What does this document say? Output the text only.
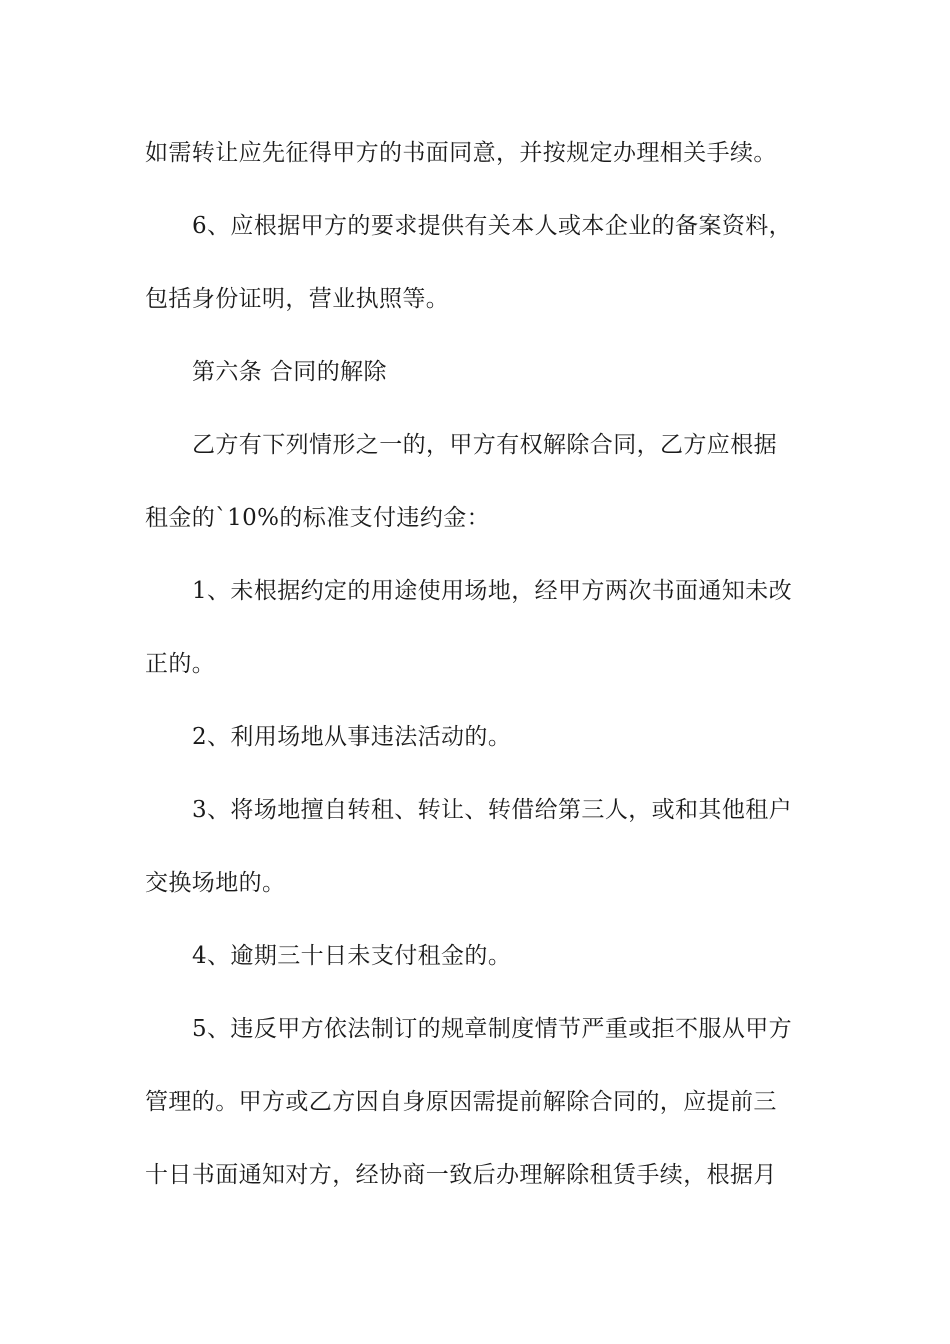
如需转让应先征得甲方的书面同意，并按规定办理相关手续。
6、应根据甲方的要求提供有关本人或本企业的备案资料，
包括身份证明，营业执照等。
第六条 合同的解除
乙方有下列情形之一的，甲方有权解除合同，乙方应根据
租金的`10%的标准支付违约金：
1、未根据约定的用途使用场地，经甲方两次书面通知未改
正的。
2、利用场地从事违法活动的。
3、将场地擅自转租、转让、转借给第三人，或和其他租户
交换场地的。
4、逾期三十日未支付租金的。
5、违反甲方依法制订的规章制度情节严重或拒不服从甲方
管理的。甲方或乙方因自身原因需提前解除合同的，应提前三
十日书面通知对方，经协商一致后办理解除租赁手续，根据月
